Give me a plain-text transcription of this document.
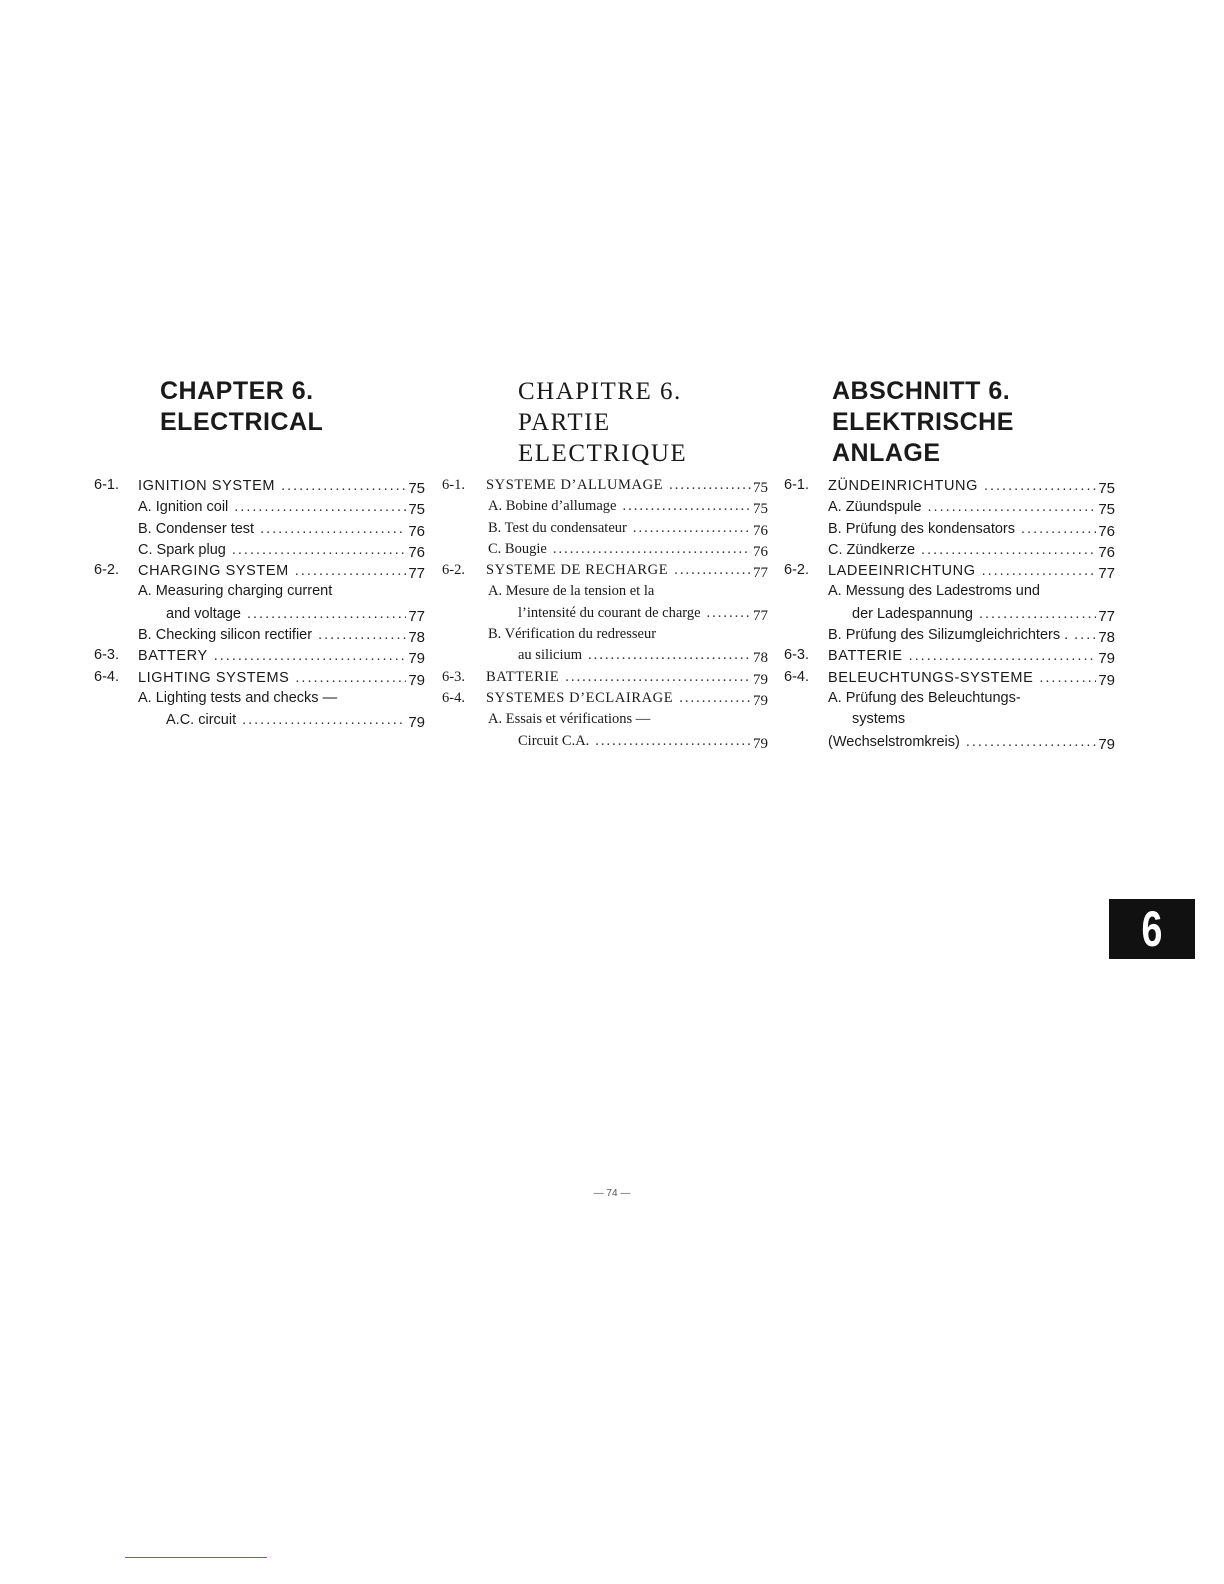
CHAPTER 6.
ELECTRICAL
6-1. IGNITION SYSTEM .....	75
A. Ignition coil .....	75
B. Condenser test .....	76
C. Spark plug .....	76
6-2. CHARGING SYSTEM .....	77
A. Measuring charging current
and voltage .....	77
B. Checking silicon rectifier .....	78
6-3. BATTERY .....	79
6-4. LIGHTING SYSTEMS .....	79
A. Lighting tests and checks —
A.C. circuit .....	79
CHAPITRE 6.
PARTIE
ELECTRIQUE
6-1. SYSTEME D’ALLUMAGE .....	75
A. Bobine d’allumage .....	75
B. Test du condensateur .....	76
C. Bougie .....	76
6-2. SYSTEME DE RECHARGE .....	77
A. Mesure de la tension et la
l’intensité du courant de charge .....	77
B. Vérification du redresseur
au silicium .....	78
6-3. BATTERIE .....	79
6-4. SYSTEMES D’ECLAIRAGE .....	79
A. Essais et vérifications —
Circuit C.A. .....	79
ABSCHNITT 6.
ELEKTRISCHE
ANLAGE
6-1. ZÜNDEINRICHTUNG .....	75
A. Züundspule .....	75
B. Prüfung des kondensators .....	76
C. Zündkerze .....	76
6-2. LADEEINRICHTUNG .....	77
A. Messung des Ladestroms und
der Ladespannung .....	77
B. Prüfung des Silizumgleichrichters . ..... 78
6-3. BATTERIE .....	79
6-4. BELEUCHTUNGS-SYSTEME .....	79
A. Prüfung des Beleuchtungs-
systems
(Wechselstromkreis) .....	79
— 74 —
6
